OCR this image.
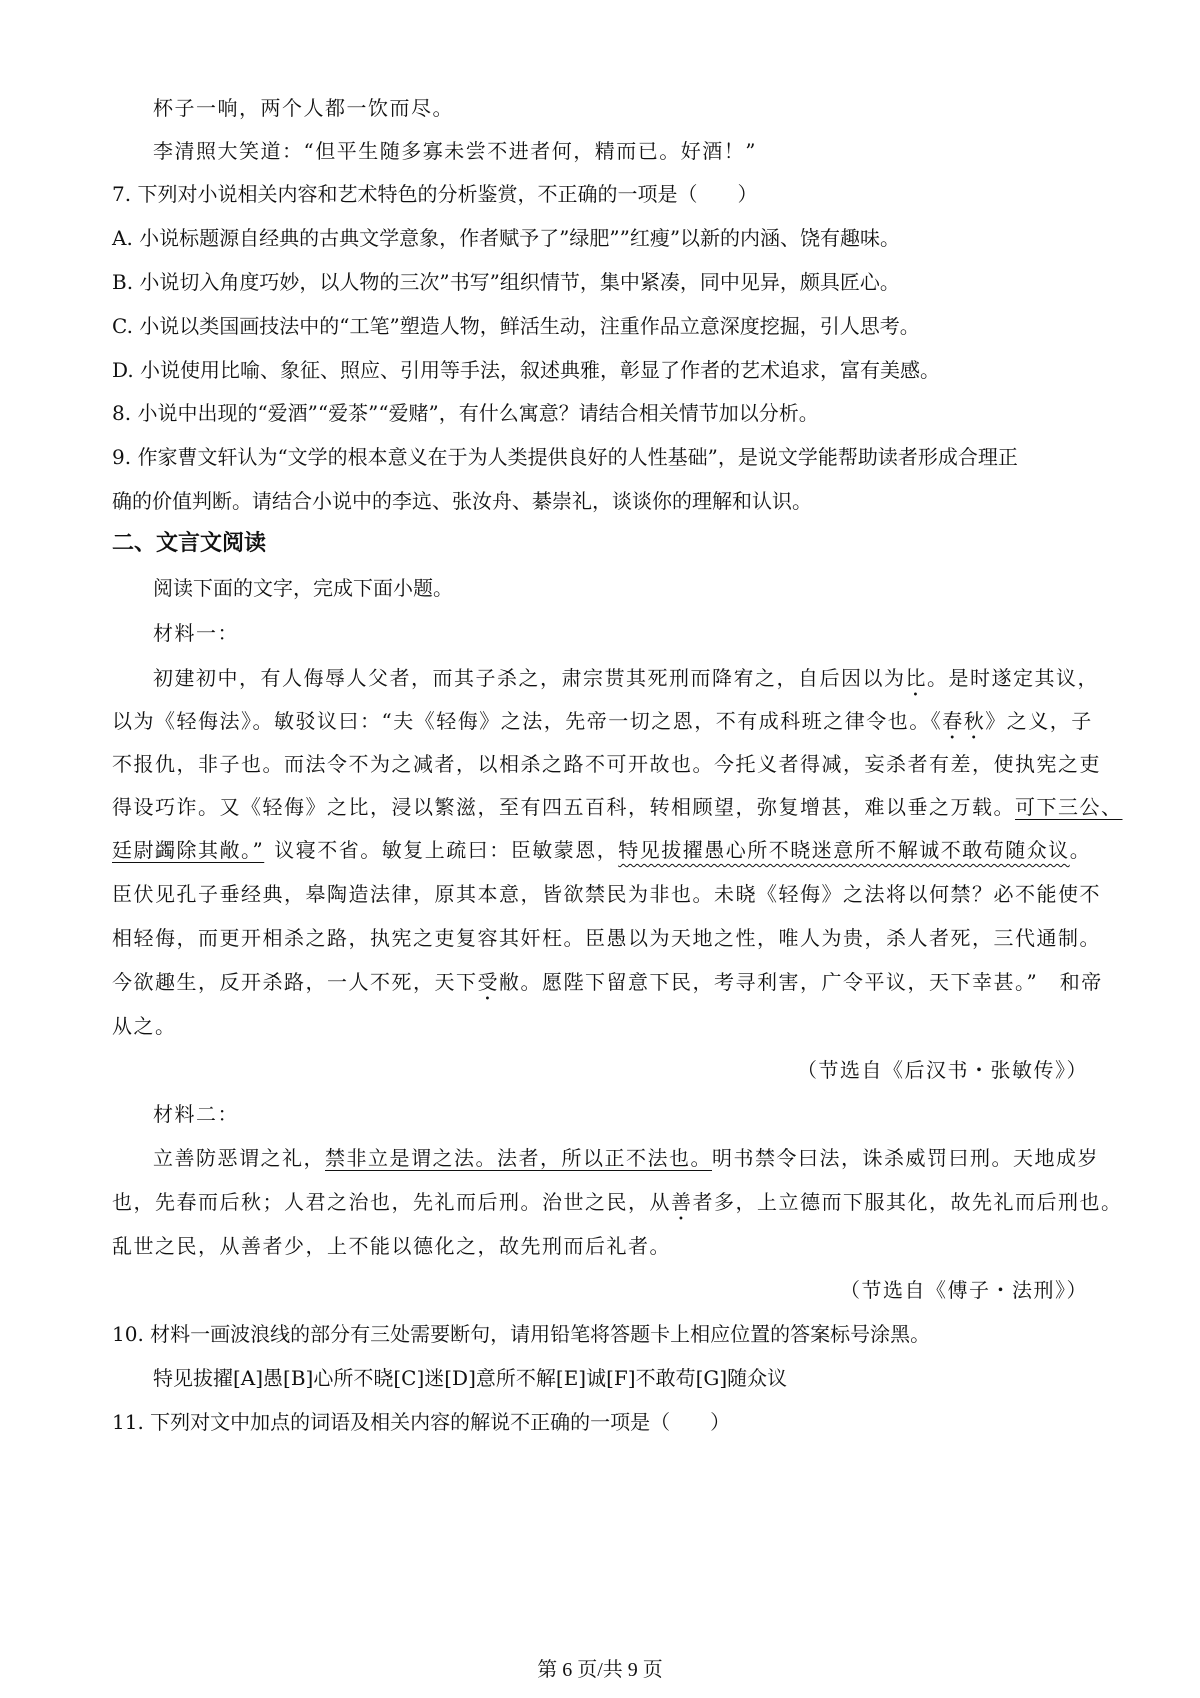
杯子一响，两个人都一饮而尽。
李清照大笑道：“但平生随多寡未尝不进者何，精而已。好酒！”
7. 下列对小说相关内容和艺术特色的分析鉴赏，不正确的一项是（　　）
A. 小说标题源自经典的古典文学意象，作者赋予了”绿肥””红瘦”以新的内涵、饶有趣味。
B. 小说切入角度巧妙，以人物的三次”书写”组织情节，集中紧凑，同中见异，颇具匠心。
C. 小说以类国画技法中的“工笔”塑造人物，鲜活生动，注重作品立意深度挖掘，引人思考。
D. 小说使用比喻、象征、照应、引用等手法，叙述典雅，彰显了作者的艺术追求，富有美感。
8. 小说中出现的“爱酒”“爱茶”“爱赌”，有什么寓意？请结合相关情节加以分析。
9. 作家曹文轩认为“文学的根本意义在于为人类提供良好的人性基础”，是说文学能帮助读者形成合理正
确的价值判断。请结合小说中的李迒、张汝舟、綦崇礼，谈谈你的理解和认识。
二、文言文阅读
阅读下面的文字，完成下面小题。
材料一：
初建初中，有人侮辱人父者，而其子杀之，肃宗贳其死刑而降宥之，自后因以为比。是时遂定其议，
以为《轻侮法》。敏驳议曰：“夫《轻侮》之法，先帝一切之恩，不有成科班之律令也。《春秋》之义，子
不报仇，非子也。而法令不为之减者，以相杀之路不可开故也。今托义者得减，妄杀者有差，使执宪之吏
得设巧诈。又《轻侮》之比，浸以繁滋，至有四五百科，转相顾望，弥复增甚，难以垂之万载。可下三公、
廷尉蠲除其敞。” 议寝不省。敏复上疏曰：臣敏蒙恩，特见拔擢愚心所不晓迷意所不解诚不敢苟随众议。
臣伏见孔子垂经典，皋陶造法律，原其本意，皆欲禁民为非也。未晓《轻侮》之法将以何禁？必不能使不
相轻侮，而更开相杀之路，执宪之吏复容其奸枉。臣愚以为天地之性，唯人为贵，杀人者死，三代通制。
今欲趣生，反开杀路，一人不死，天下受敝。愿陛下留意下民，考寻利害，广令平议，天下幸甚。”　和帝
从之。
（节选自《后汉书・张敏传》）
材料二：
立善防恶谓之礼，禁非立是谓之法。法者，所以正不法也。明书禁令曰法，诛杀威罚曰刑。天地成岁
也，先春而后秋；人君之治也，先礼而后刑。治世之民，从善者多，上立德而下服其化，故先礼而后刑也。
乱世之民，从善者少，上不能以德化之，故先刑而后礼者。
（节选自《傅子・法刑》）
10. 材料一画波浪线的部分有三处需要断句，请用铅笔将答题卡上相应位置的答案标号涂黑。
特见拔擢[A]愚[B]心所不晓[C]迷[D]意所不解[E]诚[F]不敢苟[G]随众议
11. 下列对文中加点的词语及相关内容的解说不正确的一项是（　　）
第 6 页/共 9 页
